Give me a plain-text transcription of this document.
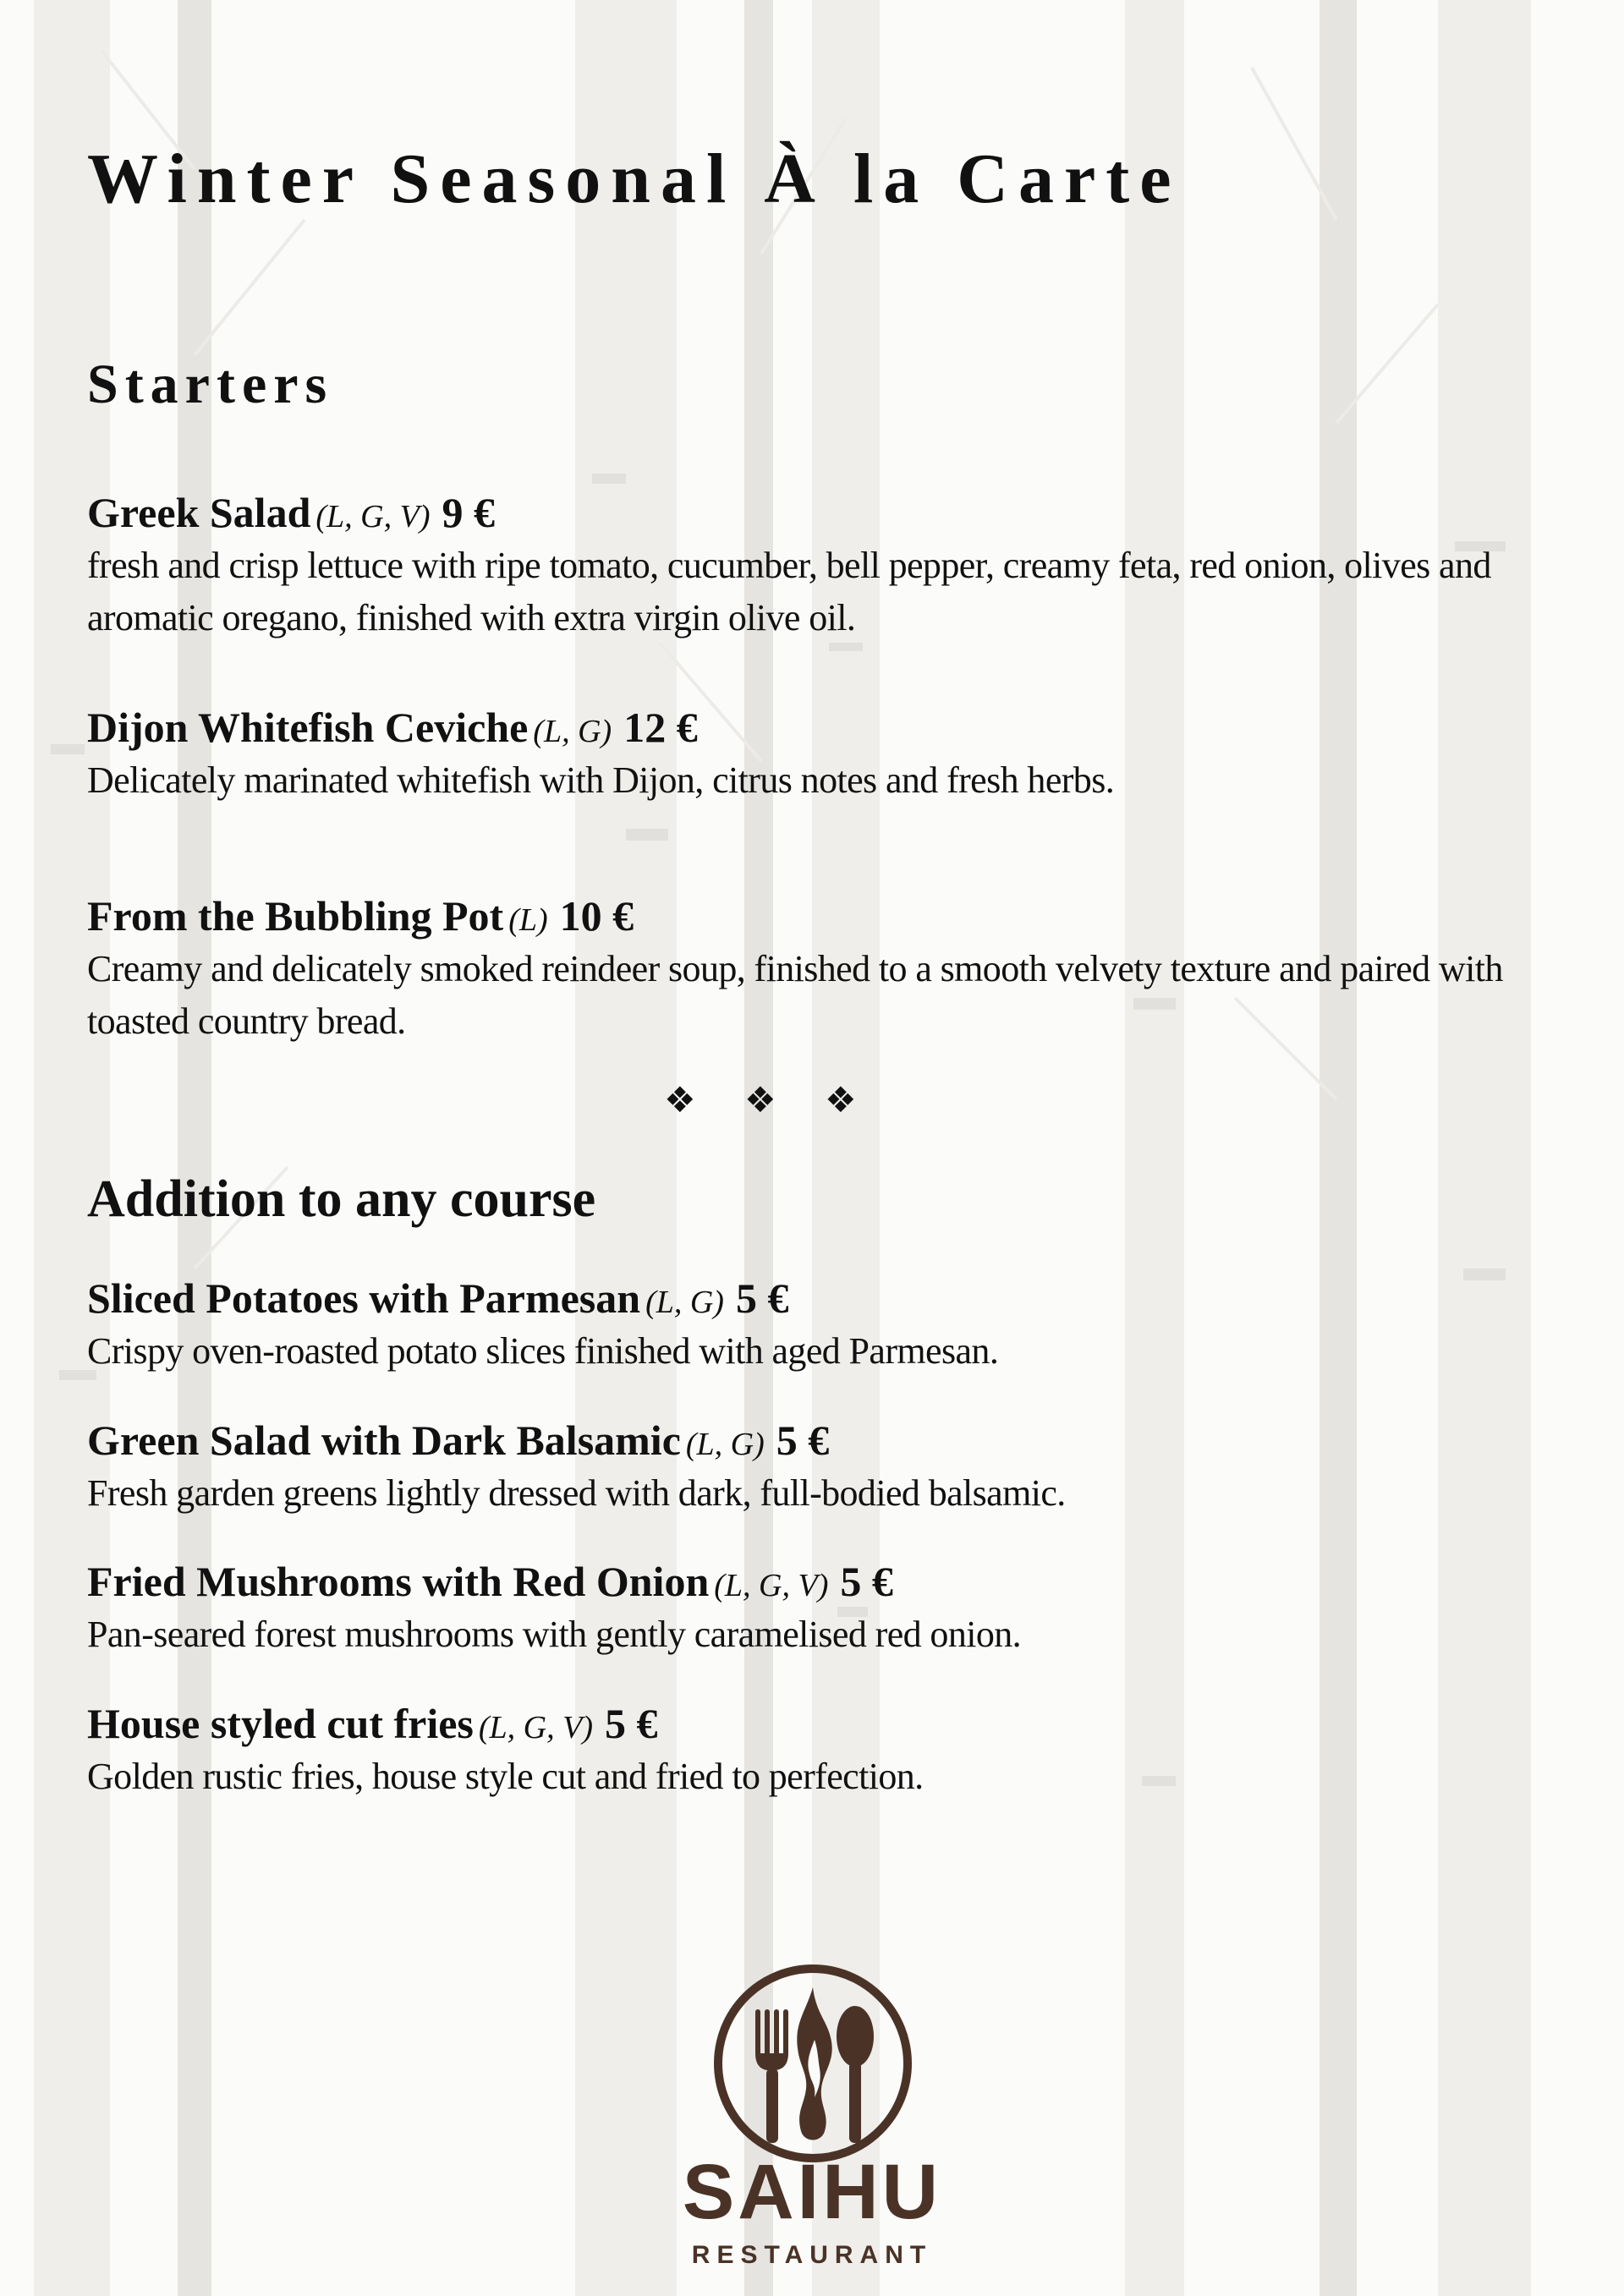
Winter Seasonal À la Carte
Starters
Greek Salad (L, G, V) 9 €
fresh and crisp lettuce with ripe tomato, cucumber, bell pepper, creamy feta, red onion, olives and aromatic oregano, finished with extra virgin olive oil.
Dijon Whitefish Ceviche (L, G) 12 €
Delicately marinated whitefish with Dijon, citrus notes and fresh herbs.
From the Bubbling Pot (L) 10 €
Creamy and delicately smoked reindeer soup, finished to a smooth velvety texture and paired with toasted country bread.
Addition to any course
Sliced Potatoes with Parmesan (L, G) 5 €
Crispy oven-roasted potato slices finished with aged Parmesan.
Green Salad with Dark Balsamic (L, G) 5 €
Fresh garden greens lightly dressed with dark, full-bodied balsamic.
Fried Mushrooms with Red Onion (L, G, V) 5 €
Pan-seared forest mushrooms with gently caramelised red onion.
House styled cut fries (L, G, V) 5 €
Golden rustic fries, house style cut and fried to perfection.
❖ ❖ ❖
SAIHU
RESTAURANT
